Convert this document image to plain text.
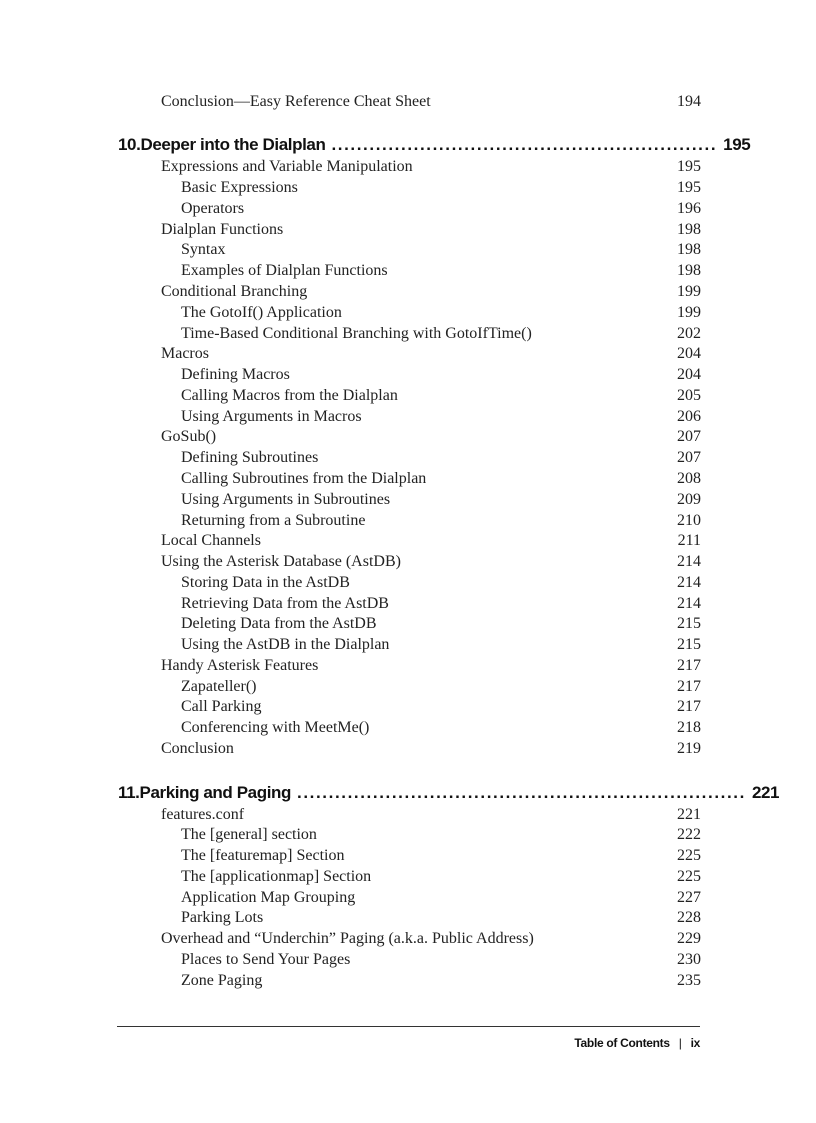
Conclusion—Easy Reference Cheat Sheet	194
10. Deeper into the Dialplan ............................................................. 195
Expressions and Variable Manipulation	195
Basic Expressions	195
Operators	196
Dialplan Functions	198
Syntax	198
Examples of Dialplan Functions	198
Conditional Branching	199
The GotoIf() Application	199
Time-Based Conditional Branching with GotoIfTime()	202
Macros	204
Defining Macros	204
Calling Macros from the Dialplan	205
Using Arguments in Macros	206
GoSub()	207
Defining Subroutines	207
Calling Subroutines from the Dialplan	208
Using Arguments in Subroutines	209
Returning from a Subroutine	210
Local Channels	211
Using the Asterisk Database (AstDB)	214
Storing Data in the AstDB	214
Retrieving Data from the AstDB	214
Deleting Data from the AstDB	215
Using the AstDB in the Dialplan	215
Handy Asterisk Features	217
Zapateller()	217
Call Parking	217
Conferencing with MeetMe()	218
Conclusion	219
11. Parking and Paging ....................................................................... 221
features.conf	221
The [general] section	222
The [featuremap] Section	225
The [applicationmap] Section	225
Application Map Grouping	227
Parking Lots	228
Overhead and “Underchin” Paging (a.k.a. Public Address)	229
Places to Send Your Pages	230
Zone Paging	235
Table of Contents | ix
